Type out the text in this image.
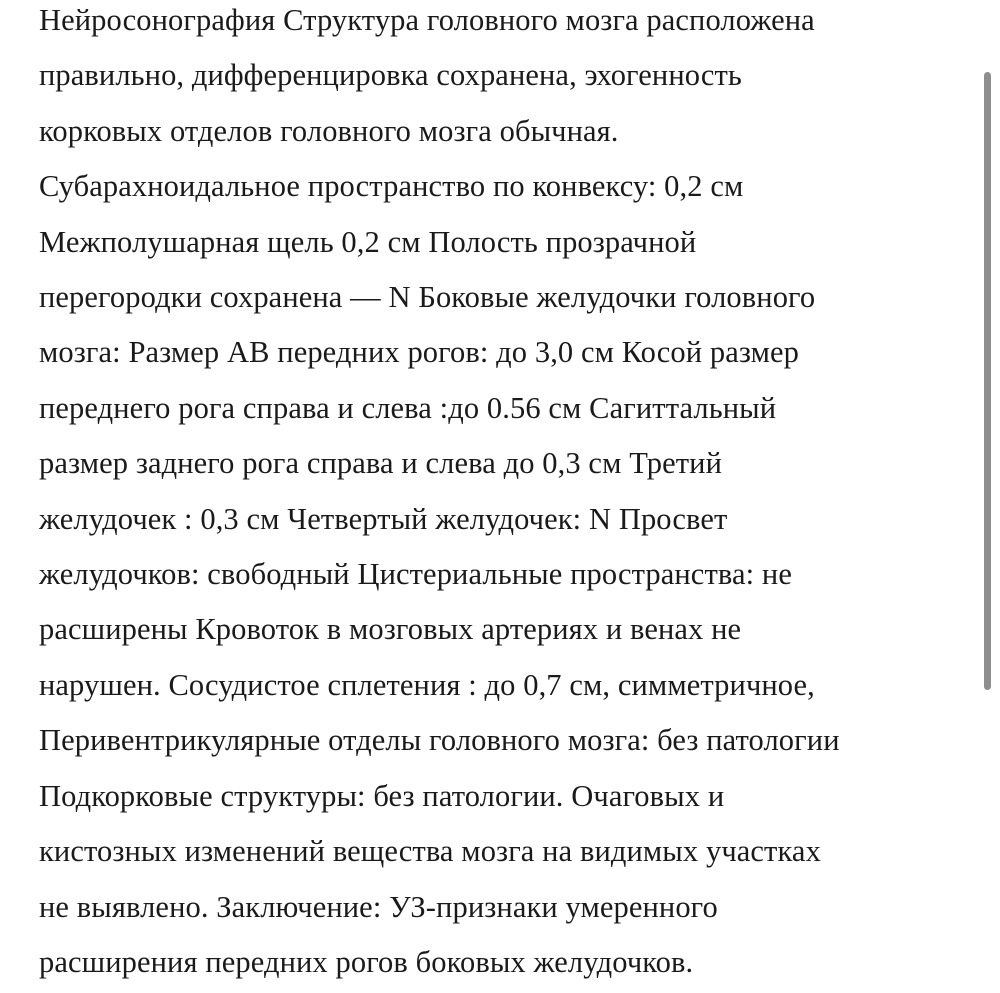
Нейросонография Структура головного мозга расположена
правильно, дифференцировка сохранена, эхогенность
корковых отделов головного мозга обычная.
Субарахноидальное пространство по конвексу: 0,2 см
Межполушарная щель 0,2 см Полость прозрачной
перегородки сохранена — N Боковые желудочки головного
мозга: Размер АВ передних рогов: до 3,0 см Косой размер
переднего рога справа и слева :до 0.56 см Сагиттальный
размер заднего рога справа и слева до 0,3 см Третий
желудочек : 0,3 см Четвертый желудочек: N Просвет
желудочков: свободный Цистериальные пространства: не
расширены Кровоток в мозговых артериях и венах не
нарушен. Сосудистое сплетения : до 0,7 см, симметричное,
Перивентрикулярные отделы головного мозга: без патологии
Подкорковые структуры: без патологии. Очаговых и
кистозных изменений вещества мозга на видимых участках
не выявлено. Заключение: УЗ-признаки умеренного
расширения передних рогов боковых желудочков.
